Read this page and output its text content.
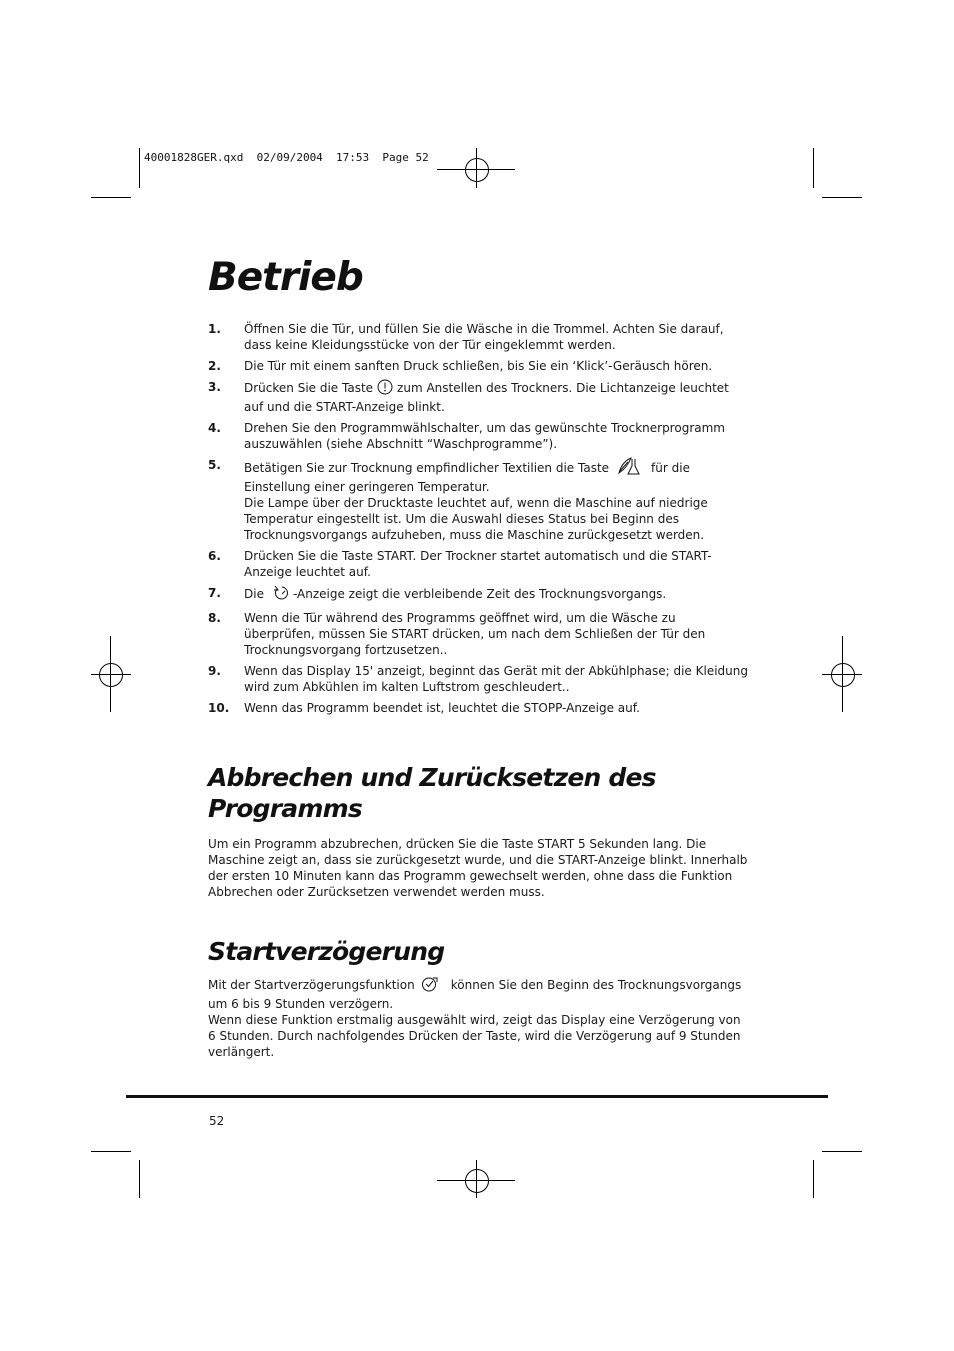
40001828GER.qxd  02/09/2004  17:53  Page 52
Betrieb
1. Öffnen Sie die Tür, und füllen Sie die Wäsche in die Trommel. Achten Sie darauf, dass keine Kleidungsstücke von der Tür eingeklemmt werden.
2. Die Tür mit einem sanften Druck schließen, bis Sie ein ‘Klick’-Geräusch hören.
3. Drücken Sie die Taste zum Anstellen des Trockners. Die Lichtanzeige leuchtet auf und die START-Anzeige blinkt.
4. Drehen Sie den Programmwählschalter, um das gewünschte Trocknerprogramm auszuwählen (siehe Abschnitt “Waschprogramme”).
5. Betätigen Sie zur Trocknung empfindlicher Textilien die Taste	für die Einstellung einer geringeren Temperatur.
Die Lampe über der Drucktaste leuchtet auf, wenn die Maschine auf niedrige Temperatur eingestellt ist. Um die Auswahl dieses Status bei Beginn des Trocknungsvorgangs aufzuheben, muss die Maschine zurückgesetzt werden.
6. Drücken Sie die Taste START. Der Trockner startet automatisch und die START-Anzeige leuchtet auf.
7. Die -Anzeige zeigt die verbleibende Zeit des Trocknungsvorgangs.
8. Wenn die Tür während des Programms geöffnet wird, um die Wäsche zu überprüfen, müssen Sie START drücken, um nach dem Schließen der Tür den Trocknungsvorgang fortzusetzen..
9. Wenn das Display 15' anzeigt, beginnt das Gerät mit der Abkühlphase; die Kleidung wird zum Abkühlen im kalten Luftstrom geschleudert..
10. Wenn das Programm beendet ist, leuchtet die STOPP-Anzeige auf.
Abbrechen und Zurücksetzen des
Programms

Um ein Programm abzubrechen, drücken Sie die Taste START 5 Sekunden lang. Die Maschine zeigt an, dass sie zurückgesetzt wurde, und die START-Anzeige blinkt. Innerhalb der ersten 10 Minuten kann das Programm gewechselt werden, ohne dass die Funktion Abbrechen oder Zurücksetzen verwendet werden muss.

Startverzögerung

Mit der Startverzögerungsfunktion	können Sie den Beginn des Trocknungsvorgangs um 6 bis 9 Stunden verzögern.

Wenn diese Funktion erstmalig ausgewählt wird, zeigt das Display eine Verzögerung von 6 Stunden. Durch nachfolgendes Drücken der Taste, wird die Verzögerung auf 9 Stunden verlängert.

52
